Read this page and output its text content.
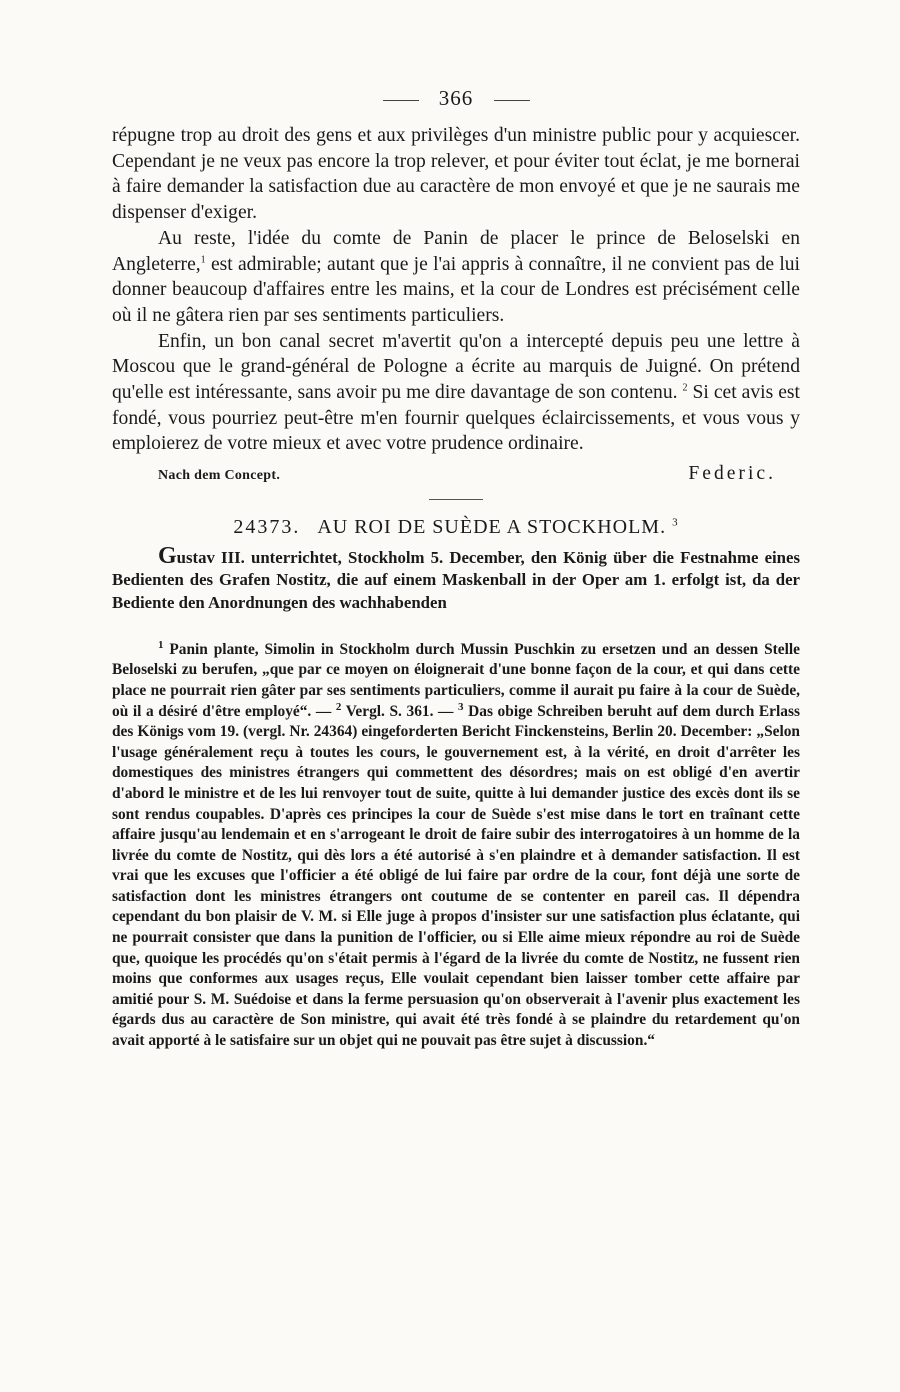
366

répugne trop au droit des gens et aux privilèges d'un ministre public pour y acquiescer. Cependant je ne veux pas encore la trop relever, et pour éviter tout éclat, je me bornerai à faire demander la satisfaction due au caractère de mon envoyé et que je ne saurais me dispenser d'exiger.

Au reste, l'idée du comte de Panin de placer le prince de Beloselski en Angleterre,$^1$ est admirable; autant que je l'ai appris à connaître, il ne convient pas de lui donner beaucoup d'affaires entre les mains, et la cour de Londres est précisément celle où il ne gâtera rien par ses sentiments particuliers.

Enfin, un bon canal secret m'avertit qu'on a intercepté depuis peu une lettre à Moscou que le grand-général de Pologne a écrite au marquis de Juigné. On prétend qu'elle est intéressante, sans avoir pu me dire davantage de son contenu. $^2$ Si cet avis est fondé, vous pourriez peut-être m'en fournir quelques éclaircissements, et vous vous y emploierez de votre mieux et avec votre prudence ordinaire.

Nach dem Concept.	Federic.
24373. AU ROI DE SUÈDE A STOCKHOLM. $^3$

Gustav III. unterrichtet, Stockholm 5. December, den König über die Festnahme eines Bedienten des Grafen Nostitz, die auf einem Maskenball in der Oper am 1. erfolgt ist, da der Bediente den Anordnungen des wachhabenden

$^1$ Panin plante, Simolin in Stockholm durch Mussin Puschkin zu ersetzen und an dessen Stelle Beloselski zu berufen, „que par ce moyen on éloignerait d'une bonne façon de la cour, et qui dans cette place ne pourrait rien gâter par ses sentiments particuliers, comme il aurait pu faire à la cour de Suède, où il a désiré d'être employé“. — $^2$ Vergl. S. 361. — $^3$ Das obige Schreiben beruht auf dem durch Erlass des Königs vom 19. (vergl. Nr. 24364) eingeforderten Bericht Finckensteins, Berlin 20. December: „Selon l'usage généralement reçu à toutes les cours, le gouvernement est, à la vérité, en droit d'arrêter les domestiques des ministres étrangers qui commettent des désordres; mais on est obligé d'en avertir d'abord le ministre et de les lui renvoyer tout de suite, quitte à lui demander justice des excès dont ils se sont rendus coupables. D'après ces principes la cour de Suède s'est mise dans le tort en traînant cette affaire jusqu'au lendemain et en s'arrogeant le droit de faire subir des interrogatoires à un homme de la livrée du comte de Nostitz, qui dès lors a été autorisé à s'en plaindre et à demander satisfaction. Il est vrai que les excuses que l'officier a été obligé de lui faire par ordre de la cour, font déjà une sorte de satisfaction dont les ministres étrangers ont coutume de se contenter en pareil cas. Il dépendra cependant du bon plaisir de V. M. si Elle juge à propos d'insister sur une satisfaction plus éclatante, qui ne pourrait consister que dans la punition de l'officier, ou si Elle aime mieux répondre au roi de Suède que, quoique les procédés qu'on s'était permis à l'égard de la livrée du comte de Nostitz, ne fussent rien moins que conformes aux usages reçus, Elle voulait cependant bien laisser tomber cette affaire par amitié pour S. M. Suédoise et dans la ferme persuasion qu'on observerait à l'avenir plus exactement les égards dus au caractère de Son ministre, qui avait été très fondé à se plaindre du retardement qu'on avait apporté à le satisfaire sur un objet qui ne pouvait pas être sujet à discussion.“
